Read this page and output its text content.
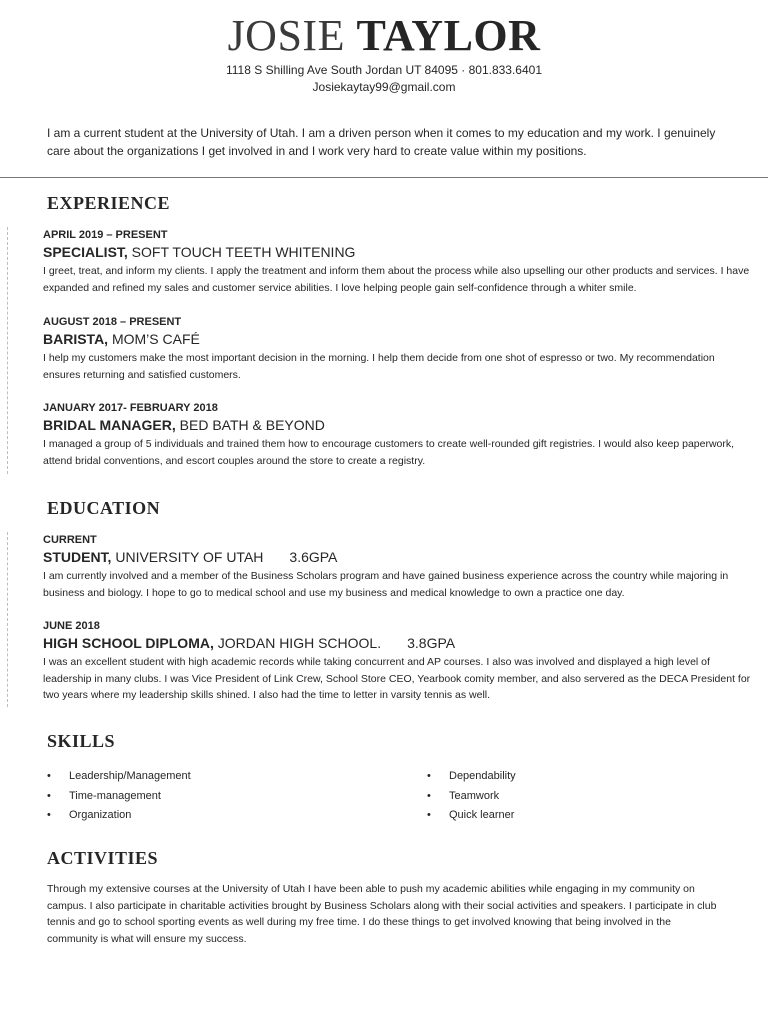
JOSIE TAYLOR
1118 S Shilling Ave South Jordan UT 84095 · 801.833.6401
Josiekaytay99@gmail.com
I am a current student at the University of Utah. I am a driven person when it comes to my education and my work. I genuinely care about the organizations I get involved in and I work very hard to create value within my positions.
EXPERIENCE
APRIL 2019 – PRESENT
SPECIALIST, SOFT TOUCH TEETH WHITENING
I greet, treat, and inform my clients. I apply the treatment and inform them about the process while also upselling our other products and services. I have expanded and refined my sales and customer service abilities. I love helping people gain self-confidence through a whiter smile.
AUGUST 2018 – PRESENT
BARISTA, MOM’S CAFÉ
I help my customers make the most important decision in the morning. I help them decide from one shot of espresso or two. My recommendation ensures returning and satisfied customers.
JANUARY 2017- FEBRUARY 2018
BRIDAL MANAGER, BED BATH & BEYOND
I managed a group of 5 individuals and trained them how to encourage customers to create well-rounded gift registries. I would also keep paperwork, attend bridal conventions, and escort couples around the store to create a registry.
EDUCATION
CURRENT
STUDENT, UNIVERSITY OF UTAH 3.6GPA
I am currently involved and a member of the Business Scholars program and have gained business experience across the country while majoring in business and biology. I hope to go to medical school and use my business and medical knowledge to own a practice one day.
JUNE 2018
HIGH SCHOOL DIPLOMA, JORDAN HIGH SCHOOL. 3.8GPA
I was an excellent student with high academic records while taking concurrent and AP courses. I also was involved and displayed a high level of leadership in many clubs. I was Vice President of Link Crew, School Store CEO, Yearbook comity member, and also servered as the DECA President for two years where my leadership skills shined. I also had the time to letter in varsity tennis as well.
SKILLS
• Leadership/Management
• Time-management
• Organization
• Dependability
• Teamwork
• Quick learner
ACTIVITIES
Through my extensive courses at the University of Utah I have been able to push my academic abilities while engaging in my community on campus. I also participate in charitable activities brought by Business Scholars along with their social activities and speakers. I participate in club tennis and go to school sporting events as well during my free time. I do these things to get involved knowing that being involved in the community is what will ensure my success.
